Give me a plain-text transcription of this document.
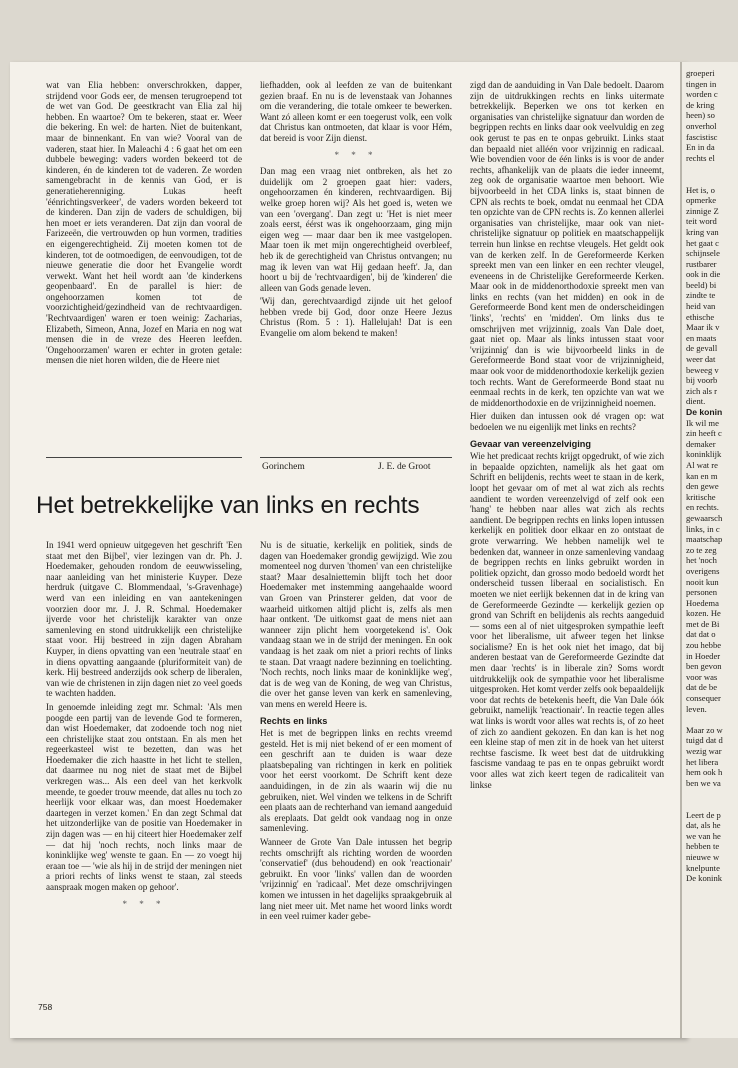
groeperi
tingen in
worden c
de kring
heen) so
onverhol
fascistisc
En in da
rechts el

Het is, o
opmerke
zinnige Z
teit word
kring van
het gaat c
schijnsele
rustbarer
ook in die
beeld) bi
zindte te
heid van
ethische
Maar ik v
en maats
de gevall
weer dat
beweeg v
bij voorb
zich als r
dient.
De konin
Ik wil me
zin heeft c
demaker
koninklijk
Al wat re
kan en m
den gewe
kritische
en rechts.
gewaarsch
links, in c
maatschap
zo te zeg
het 'noch
overigens
nooit kun
personen
Hoedema
kozen. He
met de Bi
dat dat o
zou hebbe
in Hoeder
ben gevon
voor was
dat de be
consequer
leven.

Maar zo w
tuigd dat d
wezig war
het libera
hem ook h
ben we va

Leert de p
dat, als he
we van he
hebben te
nieuwe w
knelpunte
De konink

wat van Elia hebben: onverschrokken, dapper, strijdend voor Gods eer, de mensen terugroepend tot de wet van God. De geestkracht van Elia zal hij hebben. En waartoe? Om te bekeren, staat er. Weer die bekering. En wel: de harten. Niet de buitenkant, maar de binnenkant. En van wie? Vooral van de vaderen, staat hier. In Maleachi 4 : 6 gaat het om een dubbele beweging: vaders worden bekeerd tot de kinderen, én de kinderen tot de vaderen. Ze worden samengebracht in de kennis van God, er is generatieherenniging. Lukas heeft 'éénrichtingsverkeer', de vaders worden bekeerd tot de kinderen. Dan zijn de vaders de schuldigen, bij hen moet er iets veranderen. Dat zijn dan vooral de Farizeeën, die vertrouwden op hun vormen, tradities en eigengerechtigheid. Zij moeten komen tot de kinderen, tot de ootmoedigen, de eenvoudigen, tot de nieuwe generatie die door het Evangelie wordt verwekt. Want het heil wordt aan 'de kinderkens geopenbaard'. En de parallel is hier: de ongehoorzamen komen tot de voorzichtigheid/gezindheid van de rechtvaardigen. 'Rechtvaardigen' waren er toen weinig: Zacharias, Elizabeth, Simeon, Anna, Jozef en Maria en nog wat mensen die in de vreze des Heeren leefden. 'Ongehoorzamen' waren er echter in groten getale: mensen die niet horen wilden, die de Heere niet

liefhadden, ook al leefden ze van de buitenkant gezien braaf. En nu is de levenstaak van Johannes om die verandering, die totale omkeer te bewerken. Want zó alleen komt er een toegerust volk, een volk dat Christus kan ontmoeten, dat klaar is voor Hém, dat bereid is voor Zijn dienst.

* * *

Dan mag een vraag niet ontbreken, als het zo duidelijk om 2 groepen gaat hier: vaders, ongehoorzamen én kinderen, rechtvaardigen. Bij welke groep horen wij? Als het goed is, weten we van een 'overgang'. Dan zegt u: 'Het is niet meer zoals eerst, éérst was ik ongehoorzaam, ging mijn eigen weg — maar daar ben ik mee vastgelopen. Maar toen ik met mijn ongerechtigheid overbleef, heb ik de gerechtigheid van Christus ontvangen; nu mag ik leven van wat Hij gedaan heeft'. Ja, dan hoort u bij de 'rechtvaardigen', bij de 'kinderen' die alleen van Gods genade leven.

'Wij dan, gerechtvaardigd zijnde uit het geloof hebben vrede bij God, door onze Heere Jezus Christus (Rom. 5 : 1). Hallelujah! Dat is een Evangelie om alom bekend te maken!

Gorinchem	J. E. de Groot
Het betrekkelijke van links en rechts

zigd dan de aanduiding in Van Dale bedoelt. Daarom zijn de uitdrukkingen rechts en links uitermate betrekkelijk. Beperken we ons tot kerken en organisaties van christelijke signatuur dan worden de begrippen rechts en links daar ook veelvuldig en zeg ook gerust te pas en te onpas gebruikt. Links staat dan bepaald niet alléén voor vrijzinnig en radicaal. Wie bovendien voor de één links is is voor de ander rechts, afhankelijk van de plaats die ieder inneemt, zeg ook de organisatie waartoe men behoort. Wie bijvoorbeeld in het CDA links is, staat binnen de CPN als rechts te boek, omdat nu eenmaal het CDA ten opzichte van de CPN rechts is. Zo kennen allerlei organisaties van christelijke, maar ook van niet-christelijke signatuur op politiek en maatschappelijk terrein hun linkse en rechtse vleugels. Het geldt ook van de kerken zelf. In de Gereformeerde Kerken spreekt men van een linker en een rechter vleugel, eveneens in de Christelijke Gereformeerde Kerken. Maar ook in de middenorthodoxie spreekt men van links en rechts (van het midden) en ook in de Gereformeerde Bond kent men de onderscheidingen 'links', 'rechts' en 'midden'. Om links dus te omschrijven met vrijzinnig, zoals Van Dale doet, gaat niet op. Maar als links intussen staat voor 'vrijzinnig' dan is wie bijvoorbeeld links in de Gereformeerde Bond staat voor de vrijzinnigheid, maar ook voor de middenorthodoxie kerkelijk gezien toch rechts. Want de Gereformeerde Bond staat nu eenmaal rechts in de kerk, ten opzichte van wat we de middenorthodoxie en de vrijzinnigheid noemen.

Hier duiken dan intussen ook dé vragen op: wat bedoelen we nu eigenlijk met links en rechts?

Gevaar van vereenzelviging

Wie het predicaat rechts krijgt opgedrukt, of wie zich in bepaalde opzichten, namelijk als het gaat om Schrift en belijdenis, rechts weet te staan in de kerk, loopt het gevaar om of met al wat zich als rechts aandient te worden vereenzelvigd of zelf ook een 'hang' te hebben naar alles wat zich als rechts aandient. De begrippen rechts en links lopen intussen kerkelijk en politiek door elkaar en zo ontstaat de grote verwarring. We hebben namelijk wel te bedenken dat, wanneer in onze samenleving vandaag de begrippen rechts en links gebruikt worden in politiek opzicht, dan grosso modo bedoeld wordt het onderscheid tussen liberaal en socialistisch. En moeten we niet eerlijk bekennen dat in de kring van de Gereformeerde Gezindte — kerkelijk gezien op grond van Schrift en belijdenis als rechts aangeduid — soms een al of niet uitgesproken sympathie leeft voor het liberalisme, uit afweer tegen het linkse socialisme? En is het ook niet het imago, dat bij anderen bestaat van de Gereformeerde Gezindte dat men daar 'rechts' is in liberale zin? Soms wordt uitdrukkelijk ook de sympathie voor het liberalisme uitgesproken. Het komt verder zelfs ook bepaaldelijk voor dat rechts de betekenis heeft, die Van Dale óók gebruikt, namelijk 'reactionair'. In reactie tegen alles wat links is wordt voor alles wat rechts is, of zo heet of zich zo aandient gekozen. En dan kan is het nog een kleine stap of men zit in de hoek van het uiterst rechtse fascisme. Ik weet best dat de uitdrukking fascisme vandaag te pas en te onpas gebruikt wordt voor alles wat zich keert tegen de radicaliteit van linkse

In 1941 werd opnieuw uitgegeven het geschrift 'Een staat met den Bijbel', vier lezingen van dr. Ph. J. Hoedemaker, gehouden rondom de eeuwwisseling, naar aanleiding van het ministerie Kuyper. Deze herdruk (uitgave C. Blommendaal, 's-Gravenhage) werd van een inleiding en van aantekeningen voorzien door mr. J. J. R. Schmal. Hoedemaker ijverde voor het christelijk karakter van onze samenleving en stond uitdrukkelijk een christelijke staat voor. Hij bestreed in zijn dagen Abraham Kuyper, in diens opvatting van een 'neutrale staat' en in diens opvatting aangaande (pluriformiteit van) de kerk. Hij bestreed anderzijds ook scherp de liberalen, van wie de christenen in zijn dagen niet zo veel goeds te wachten hadden.

In genoemde inleiding zegt mr. Schmal: 'Als men poogde een partij van de levende God te formeren, dan wist Hoedemaker, dat zodoende toch nog niet een christelijke staat zou ontstaan. En als men het regeerkasteel wist te bezetten, dan was het Hoedemaker die zich haastte in het licht te stellen, dat daarmee nu nog niet de staat met de Bijbel verkregen was... Als een deel van het kerkvolk meende, te goeder trouw meende, dat alles nu toch zo heerlijk voor elkaar was, dan moest Hoedemaker daartegen in verzet komen.' En dan zegt Schmal dat het uitzonderlijke van de positie van Hoedemaker in zijn dagen was — en hij citeert hier Hoedemaker zelf — dat hij 'noch rechts, noch links maar de koninklijke weg' wenste te gaan. En — zo voegt hij eraan toe — 'wie als hij in de strijd der meningen niet a priori rechts of links wenst te staan, zal steeds aanspraak mogen maken op gehoor'.

* * *

Nu is de situatie, kerkelijk en politiek, sinds de dagen van Hoedemaker grondig gewijzigd. Wie zou momenteel nog durven 'thomen' van een christelijke staat? Maar desalniettemin blijft toch het door Hoedemaker met instemming aangehaalde woord van Groen van Prinsterer gelden, dat voor de waarheid uitkomen altijd plicht is, zelfs als men haar ontkent. 'De uitkomst gaat de mens niet aan wanneer zijn plicht hem voorgetekend is'. Ook vandaag staan we in de strijd der meningen. En ook vandaag is het zaak om niet a priori rechts of links te staan. Dat vraagt nadere bezinning en toelichting. 'Noch rechts, noch links maar de koninklijke weg', dat is de weg van de Koning, de weg van Christus, die over het ganse leven van kerk en samenleving, van mens en wereld Heere is.

Rechts en links

Het is met de begrippen links en rechts vreemd gesteld. Het is mij niet bekend of er een moment of een geschrift aan te duiden is waar deze plaatsbepaling van richtingen in kerk en politiek voor het eerst voorkomt. De Schrift kent deze aanduidingen, in de zin als waarin wij die nu gebruiken, niet. Wel vinden we telkens in de Schrift een plaats aan de rechterhand van iemand aangeduid als ereplaats. Dat geldt ook vandaag nog in onze samenleving.

Wanneer de Grote Van Dale intussen het begrip rechts omschrijft als richting worden de woorden 'conservatief' (dus behoudend) en ook 'reactionair' gebruikt. En voor 'links' vallen dan de woorden 'vrijzinnig' en 'radicaal'. Met deze omschrijvingen komen we intussen in het dagelijks spraakgebruik al lang niet meer uit. Met name het woord links wordt in een veel ruimer kader gebe-

758
